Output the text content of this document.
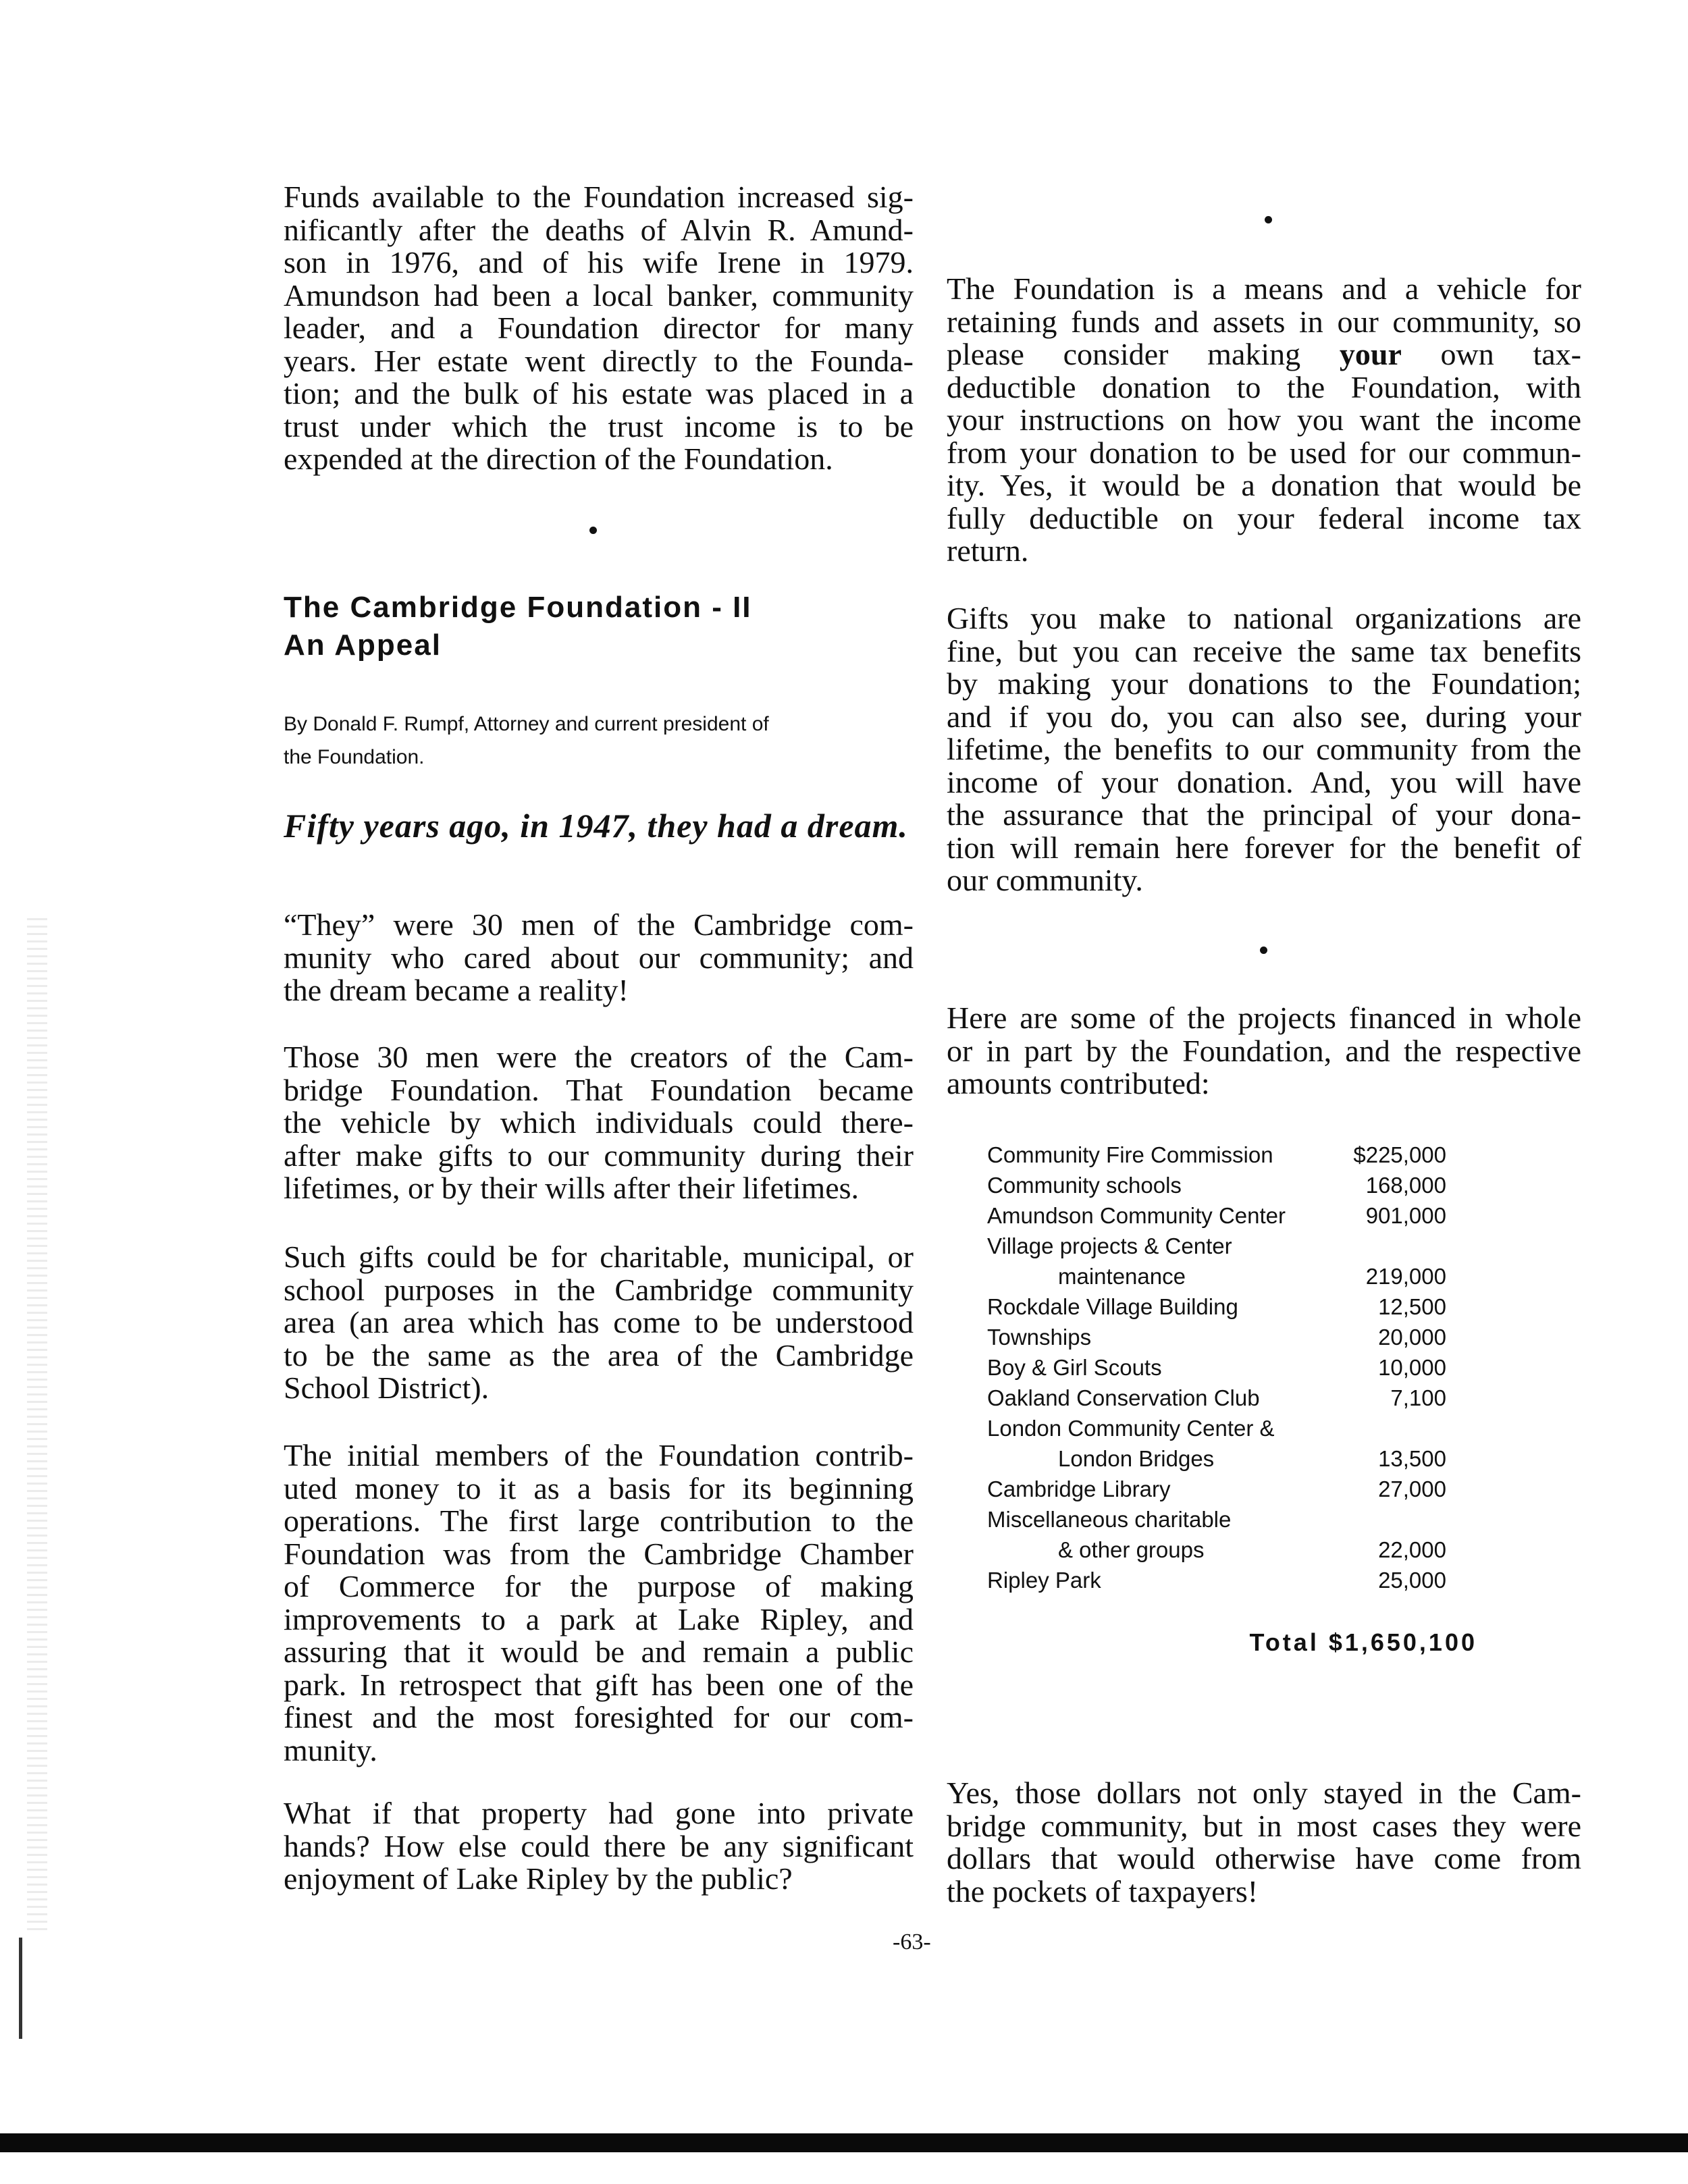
Funds available to the Foundation increased sig-
nificantly after the deaths of Alvin R. Amund-
son in 1976, and of his wife Irene in 1979.
Amundson had been a local banker, community
leader, and a Foundation director for many
years. Her estate went directly to the Founda-
tion; and the bulk of his estate was placed in a
trust under which the trust income is to be
expended at the direction of the Foundation.
The Cambridge Foundation - II
An Appeal
By Donald F. Rumpf, Attorney and current president of
the Foundation.
Fifty years ago, in 1947, they had a dream.
“They” were 30 men of the Cambridge com-
munity who cared about our community; and
the dream became a reality!
Those 30 men were the creators of the Cam-
bridge Foundation. That Foundation became
the vehicle by which individuals could there-
after make gifts to our community during their
lifetimes, or by their wills after their lifetimes.
Such gifts could be for charitable, municipal, or
school purposes in the Cambridge community
area (an area which has come to be understood
to be the same as the area of the Cambridge
School District).
The initial members of the Foundation contrib-
uted money to it as a basis for its beginning
operations. The first large contribution to the
Foundation was from the Cambridge Chamber
of Commerce for the purpose of making
improvements to a park at Lake Ripley, and
assuring that it would be and remain a public
park. In retrospect that gift has been one of the
finest and the most foresighted for our com-
munity.
What if that property had gone into private
hands? How else could there be any significant
enjoyment of Lake Ripley by the public?
The Foundation is a means and a vehicle for
retaining funds and assets in our community, so
please consider making your own tax-
deductible donation to the Foundation, with
your instructions on how you want the income
from your donation to be used for our commun-
ity. Yes, it would be a donation that would be
fully deductible on your federal income tax
return.
Gifts you make to national organizations are
fine, but you can receive the same tax benefits
by making your donations to the Foundation;
and if you do, you can also see, during your
lifetime, the benefits to our community from the
income of your donation. And, you will have
the assurance that the principal of your dona-
tion will remain here forever for the benefit of
our community.
Here are some of the projects financed in whole
or in part by the Foundation, and the respective
amounts contributed:
Yes, those dollars not only stayed in the Cam-
bridge community, but in most cases they were
dollars that would otherwise have come from
the pockets of taxpayers!
Community Fire Commission	$225,000
Community schools	168,000
Amundson Community Center	901,000
Village projects & Center
maintenance	219,000
Rockdale Village Building	12,500
Townships	20,000
Boy & Girl Scouts	10,000
Oakland Conservation Club	7,100
London Community Center &
London Bridges	13,500
Cambridge Library	27,000
Miscellaneous charitable
& other groups	22,000
Ripley Park	25,000
Total $1,650,100
-63-
